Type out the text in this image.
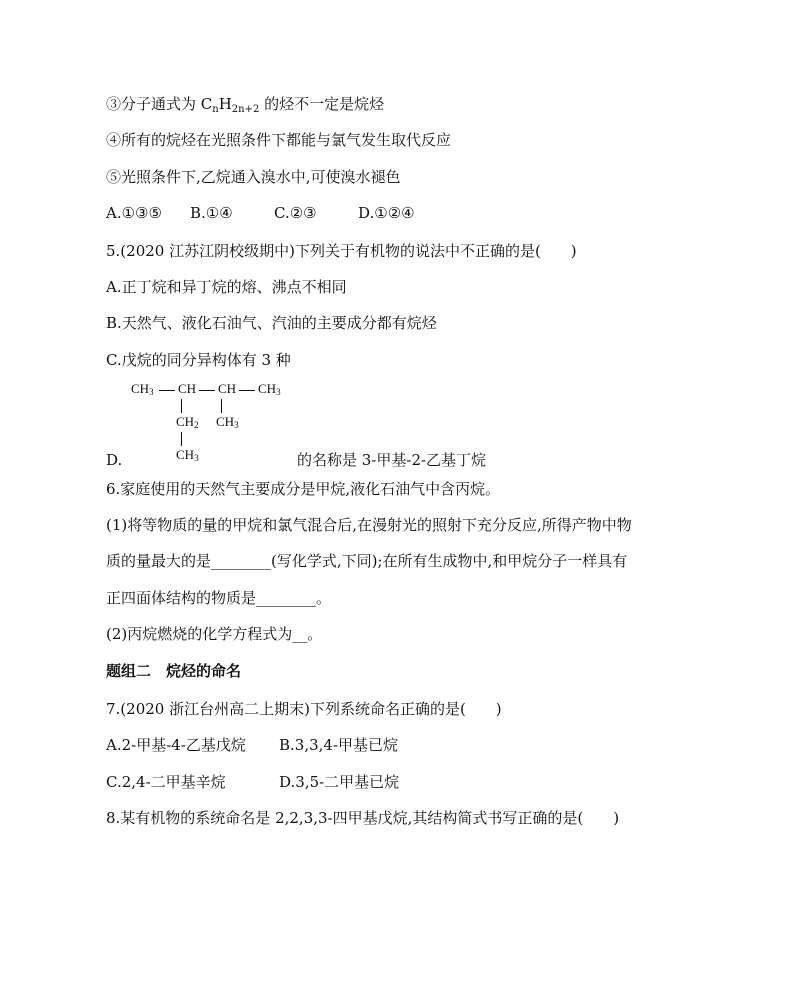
③分子通式为 $C_nH_{2n+2}$ 的烃不一定是烷烃
④所有的烷烃在光照条件下都能与氯气发生取代反应
⑤光照条件下,乙烷通入溴水中,可使溴水褪色
A.①③⑤ B.①④	C.②③	D.①②④
5.(2020 江苏江阴校级期中)下列关于有机物的说法中不正确的是(　　)
A.正丁烷和异丁烷的熔、沸点不相同
B.天然气、液化石油气、汽油的主要成分都有烷烃
C.戊烷的同分异构体有 3 种
CH3 CH CH CH3
CH2 CH3
CH3
D.	的名称是 3-甲基-2-乙基丁烷
6.家庭使用的天然气主要成分是甲烷,液化石油气中含丙烷。
(1)将等物质的量的甲烷和氯气混合后,在漫射光的照射下充分反应,所得产物中物
质的量最大的是________(写化学式,下同);在所有生成物中,和甲烷分子一样具有
正四面体结构的物质是________。
(2)丙烷燃烧的化学方程式为__。
题组二　烷烃的命名
7.(2020 浙江台州高二上期末)下列系统命名正确的是(　　)
A.2-甲基-4-乙基戊烷 B.3,3,4-甲基已烷
C.2,4-二甲基辛烷	D.3,5-二甲基已烷
8.某有机物的系统命名是 2,2,3,3-四甲基戊烷,其结构简式书写正确的是(　　)
